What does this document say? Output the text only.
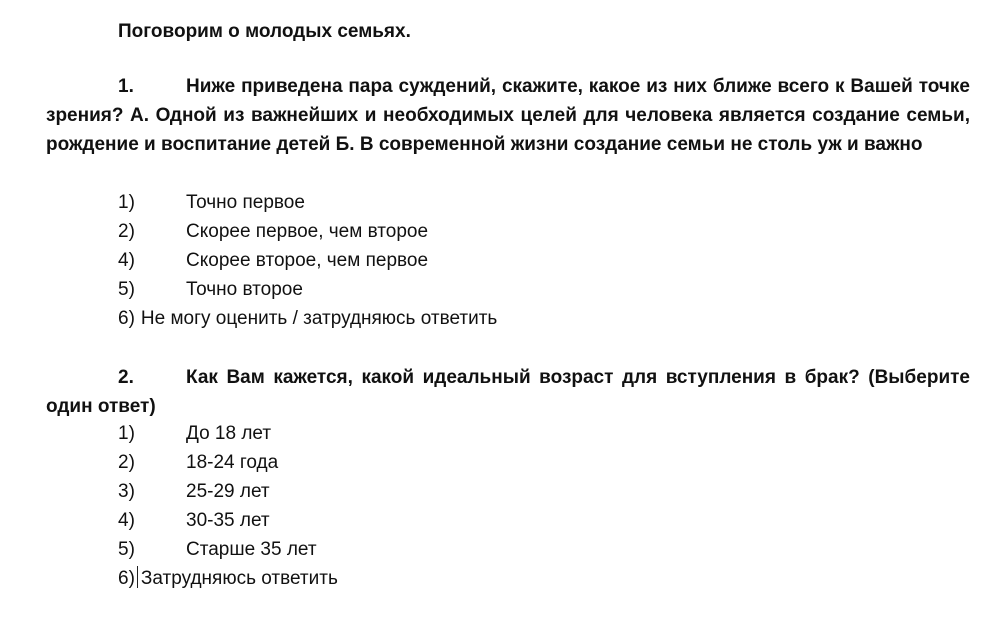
Поговорим о молодых семьях.
1.	Ниже приведена пара суждений, скажите, какое из них ближе всего к Вашей точке зрения? А. Одной из важнейших и необходимых целей для человека является создание семьи, рождение и воспитание детей Б. В современной жизни создание семьи не столь уж и важно
1)	Точно первое
2)	Скорее первое, чем второе
4)	Скорее второе, чем первое
5)	Точно второе
6) Не могу оценить / затрудняюсь ответить
2.	Как Вам кажется, какой идеальный возраст для вступления в брак? (Выберите один ответ)
1)	До 18 лет
2)	18-24 года
3)	25-29 лет
4)	30-35 лет
5)	Старше 35 лет
6) Затрудняюсь ответить
